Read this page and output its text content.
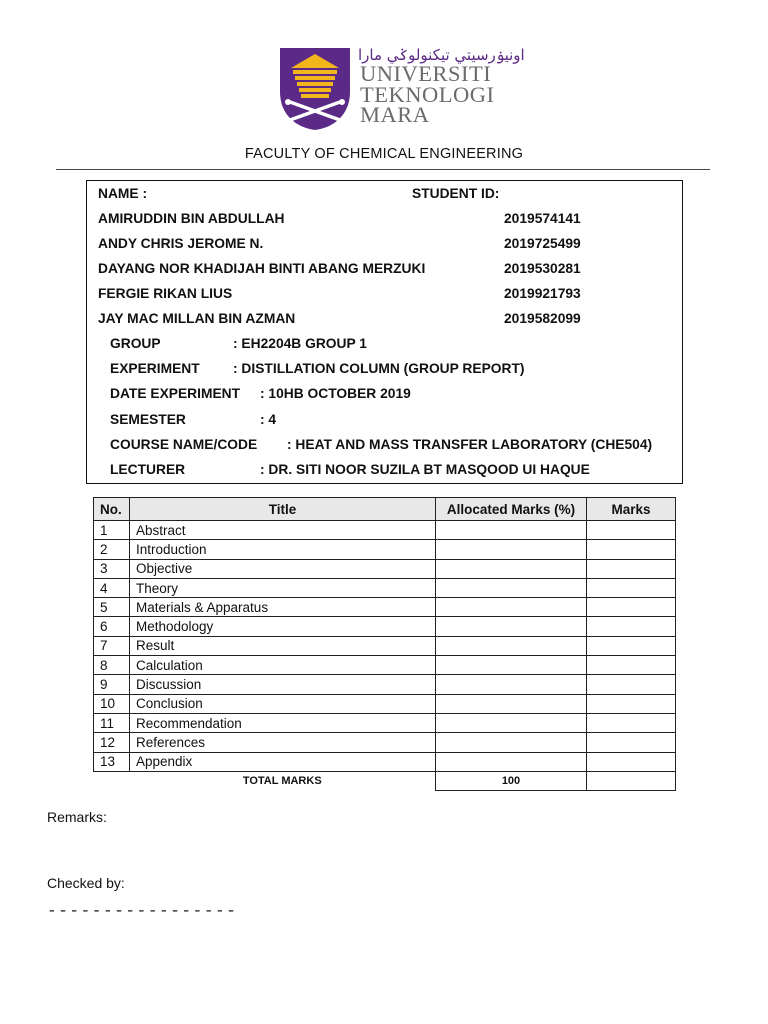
اونيۏرسيتي تيكنولوݢي مارا
UNIVERSITI
TEKNOLOGI
MARA
FACULTY OF CHEMICAL ENGINEERING
NAME :	STUDENT ID:
AMIRUDDIN BIN ABDULLAH	2019574141
ANDY CHRIS JEROME N.	2019725499
DAYANG NOR KHADIJAH BINTI ABANG MERZUKI	2019530281
FERGIE RIKAN LIUS	2019921793
JAY MAC MILLAN BIN AZMAN	2019582099
GROUP	: EH2204B GROUP 1
EXPERIMENT : DISTILLATION COLUMN (GROUP REPORT)
DATE EXPERIMENT : 10HB OCTOBER 2019
SEMESTER	: 4
COURSE NAME/CODE : HEAT AND MASS TRANSFER LABORATORY (CHE504)
LECTURER	: DR. SITI NOOR SUZILA BT MASQOOD UI HAQUE
No.	Title	Allocated Marks (%)	Marks
1	Abstract		
2	Introduction		
3	Objective		
4	Theory		
5	Materials & Apparatus		
6	Methodology		
7	Result		
8	Calculation		
9	Discussion		
10	Conclusion		
11	Recommendation		
12	References		
13	Appendix		
	TOTAL MARKS	100	
Remarks:
Checked by:
-----------------
